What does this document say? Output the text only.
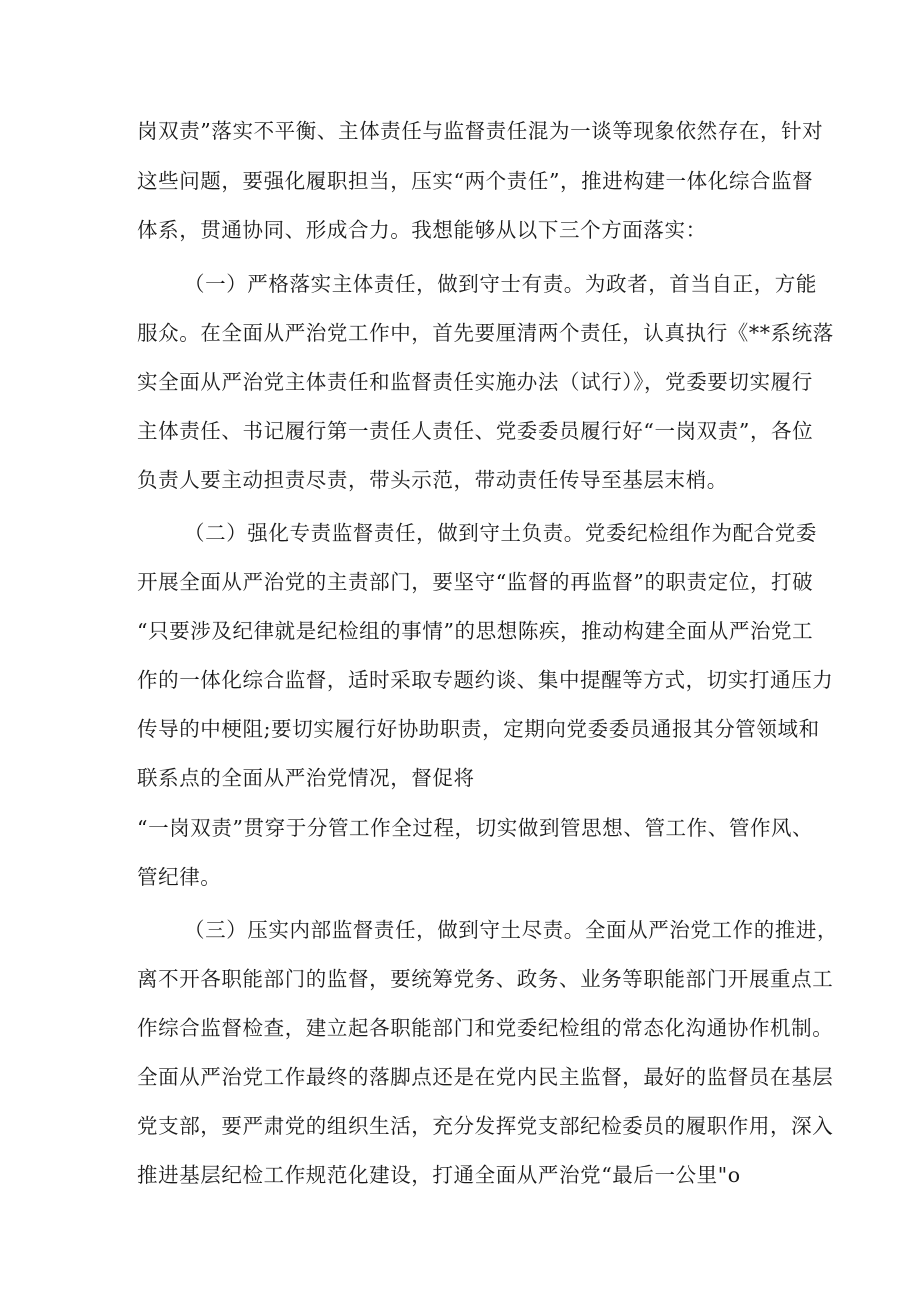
岗双责”落实不平衡、主体责任与监督责任混为一谈等现象依然存在，针对
这些问题，要强化履职担当，压实“两个责任”，推进构建一体化综合监督
体系，贯通协同、形成合力。我想能够从以下三个方面落实：
（一）严格落实主体责任，做到守士有责。为政者，首当自正，方能
服众。在全面从严治党工作中，首先要厘清两个责任，认真执行《**系统落
实全面从严治党主体责任和监督责任实施办法（试行）》，党委要切实履行
主体责任、书记履行第一责任人责任、党委委员履行好“一岗双责”，各位
负责人要主动担责尽责，带头示范，带动责任传导至基层末梢。
（二）强化专责监督责任，做到守土负责。党委纪检组作为配合党委
开展全面从严治党的主责部门，要坚守“监督的再监督”的职责定位，打破
“只要涉及纪律就是纪检组的事情”的思想陈疾，推动构建全面从严治党工
作的一体化综合监督，适时采取专题约谈、集中提醒等方式，切实打通压力
传导的中梗阻;要切实履行好协助职责，定期向党委委员通报其分管领域和
联系点的全面从严治党情况，督促将
“一岗双责”贯穿于分管工作全过程，切实做到管思想、管工作、管作风、
管纪律。
（三）压实内部监督责任，做到守土尽责。全面从严治党工作的推进，
离不开各职能部门的监督，要统筹党务、政务、业务等职能部门开展重点工
作综合监督检查，建立起各职能部门和党委纪检组的常态化沟通协作机制。
全面从严治党工作最终的落脚点还是在党内民主监督，最好的监督员在基层
党支部，要严肃党的组织生活，充分发挥党支部纪检委员的履职作用，深入
推进基层纪检工作规范化建设，打通全面从严治党“最后一公里"o
